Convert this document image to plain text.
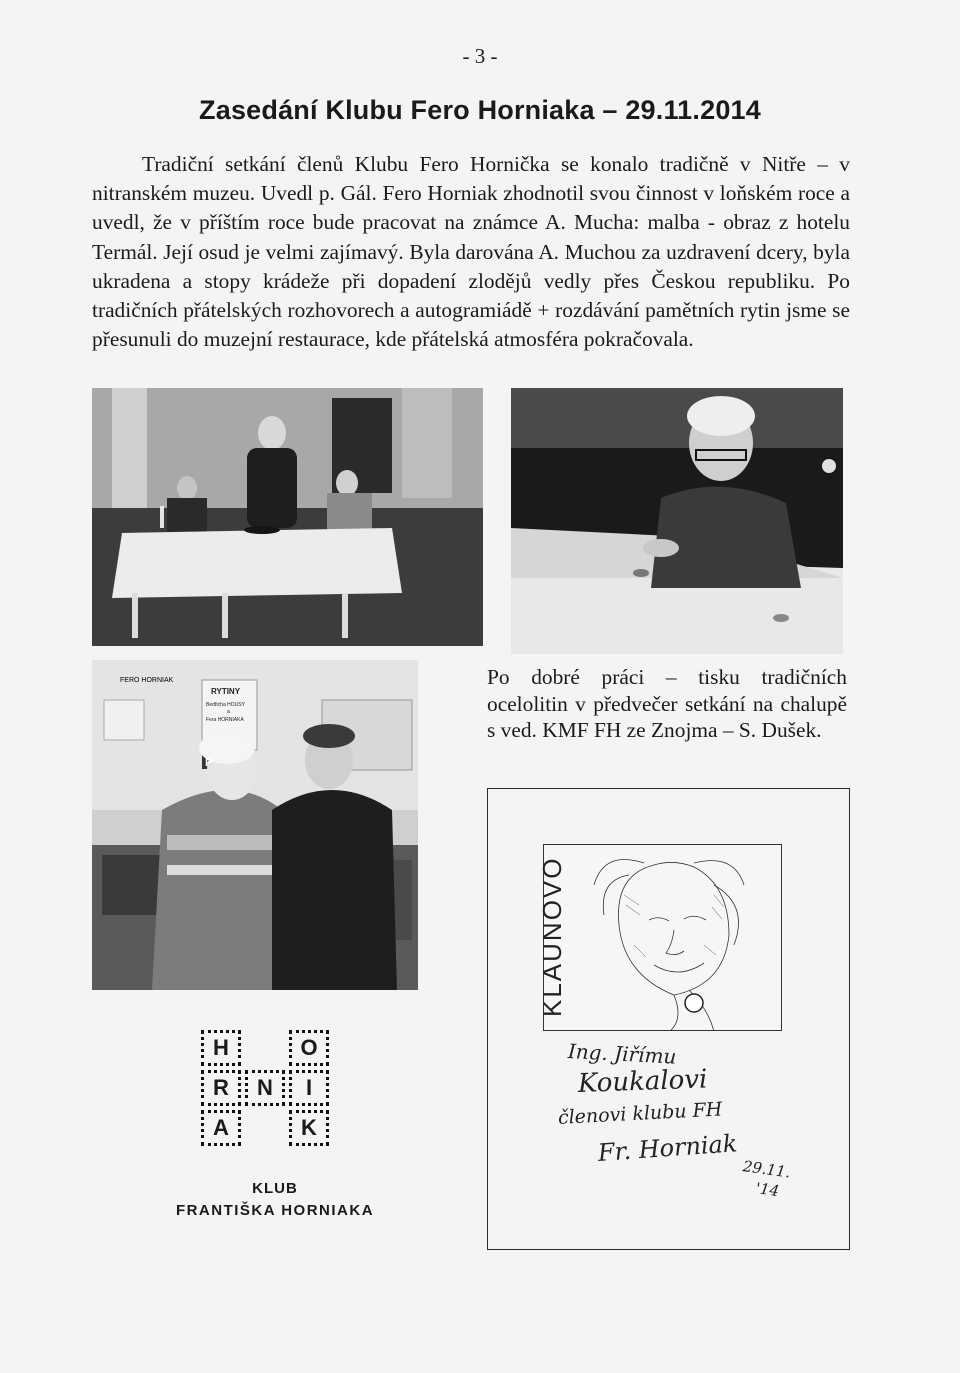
- 3 -
Zasedání Klubu Fero Horniaka – 29.11.2014

Tradiční setkání členů Klubu Fero Hornička se konalo tradičně v Nitře – v nitranském muzeu. Uvedl p. Gál. Fero Horniak zhodnotil svou činnost v loňském roce a uvedl, že v příštím roce bude pracovat na známce A. Mucha: malba - obraz z hotelu Termál. Její osud je velmi zajímavý. Byla darována A. Muchou za uzdravení dcery, byla ukradena a stopy krádeže při dopadení zlodějů vedly přes Českou republiku. Po tradičních přátelských rozhovorech a autogramiádě + rozdávání pamětních rytin jsme se přesunuli do muzejní restaurace, kde přátelská atmosféra pokračovala.

FERO HORNIAK
RYTINY
Bedřicha HOUSY
a
Fera HORNIAKA
P

Po dobré práci – tisku tradičních ocelolitin v předvečer setkání na chalupě s ved. KMF FH ze Znojma – S. Dušek.

KLAUNOVO
Ing. Jiřímu
Koukalovi
členovi klubu FH
Fr. Horniak
29.11.
'14
H	O
R	N	I
A	K
KLUB
FRANTIŠKA HORNIAKA
